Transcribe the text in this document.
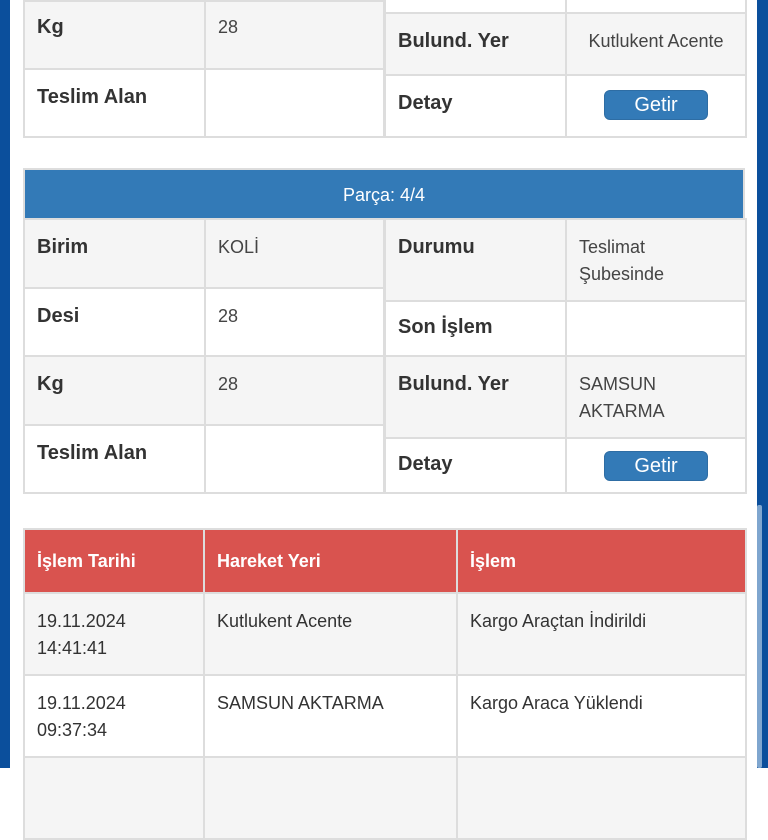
Kg	28
Teslim Alan	

Bulund. Yer	Kutlukent Acente
Detay	Getir
Parça: 4/4
Birim	KOLİ
Desi	28
Kg	28
Teslim Alan	
Durumu	Teslimat
Şubesinde

Son İşlem	
Bulund. Yer	SAMSUN
AKTARMA

Detay	Getir
İşlem Tarihi	Hareket Yeri	İşlem

19.11.2024
14:41:41	Kutlukent Acente	Kargo Araçtan İndirildi

19.11.2024
09:37:34	SAMSUN AKTARMA	Kargo Araca Yüklendi
